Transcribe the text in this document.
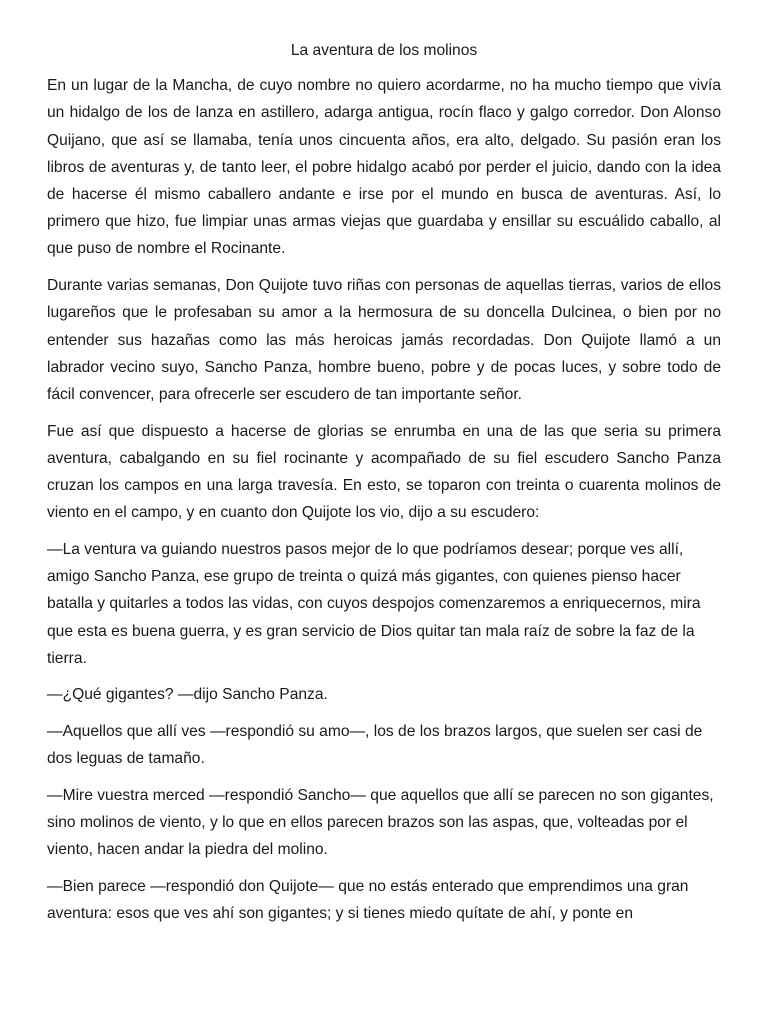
La aventura de los molinos

En un lugar de la Mancha, de cuyo nombre no quiero acordarme, no ha mucho tiempo que vivía un hidalgo de los de lanza en astillero, adarga antigua, rocín flaco y galgo corredor. Don Alonso Quijano, que así se llamaba, tenía unos cincuenta años, era alto, delgado. Su pasión eran los libros de aventuras y, de tanto leer, el pobre hidalgo acabó por perder el juicio, dando con la idea de hacerse él mismo caballero andante e irse por el mundo en busca de aventuras. Así, lo primero que hizo, fue limpiar unas armas viejas que guardaba y ensillar su escuálido caballo, al que puso de nombre el Rocinante.

Durante varias semanas, Don Quijote tuvo riñas con personas de aquellas tierras, varios de ellos lugareños que le profesaban su amor a la hermosura de su doncella Dulcinea, o bien por no entender sus hazañas como las más heroicas jamás recordadas. Don Quijote llamó a un labrador vecino suyo, Sancho Panza, hombre bueno, pobre y de pocas luces, y sobre todo de fácil convencer, para ofrecerle ser escudero de tan importante señor.

Fue así que dispuesto a hacerse de glorias se enrumba en una de las que seria su primera aventura, cabalgando en su fiel rocinante y acompañado de su fiel escudero Sancho Panza cruzan los campos en una larga travesía. En esto, se toparon con treinta o cuarenta molinos de viento en el campo, y en cuanto don Quijote los vio, dijo a su escudero:

—La ventura va guiando nuestros pasos mejor de lo que podríamos desear; porque ves allí, amigo Sancho Panza, ese grupo de treinta o quizá más gigantes, con quienes pienso hacer batalla y quitarles a todos las vidas, con cuyos despojos comenzaremos a enriquecernos, mira que esta es buena guerra, y es gran servicio de Dios quitar tan mala raíz de sobre la faz de la tierra.

—¿Qué gigantes? —dijo Sancho Panza.

—Aquellos que allí ves —respondió su amo—, los de los brazos largos, que suelen ser casi de dos leguas de tamaño.

—Mire vuestra merced —respondió Sancho— que aquellos que allí se parecen no son gigantes, sino molinos de viento, y lo que en ellos parecen brazos son las aspas, que, volteadas por el viento, hacen andar la piedra del molino.

—Bien parece —respondió don Quijote— que no estás enterado que emprendimos una gran aventura: esos que ves ahí son gigantes; y si tienes miedo quítate de ahí, y ponte en
